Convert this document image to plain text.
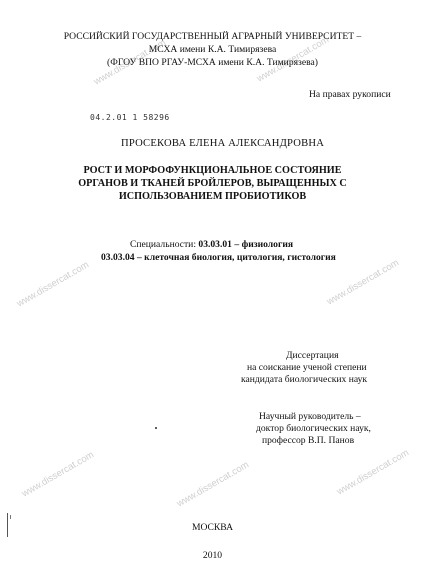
www.dissercat.com	www.dissercat.com
www.dissercat.com	www.dissercat.com
www.dissercat.com
www.dissercat.com	www.dissercat.com
РОССИЙСКИЙ ГОСУДАРСТВЕННЫЙ АГРАРНЫЙ УНИВЕРСИТЕТ –
МСХА имени К.А. Тимирязева
(ФГОУ ВПО РГАУ-МСХА имени К.А. Тимирязева)
На правах рукописи
04.2.01 1 58296
ПРОСЕКОВА ЕЛЕНА АЛЕКСАНДРОВНА
РОСТ И МОРФОФУНКЦИОНАЛЬНОЕ СОСТОЯНИЕ
ОРГАНОВ И ТКАНЕЙ БРОЙЛЕРОВ, ВЫРАЩЕННЫХ С
ИСПОЛЬЗОВАНИЕМ ПРОБИОТИКОВ
Специальности: 03.03.01 – физиология
03.03.04 – клеточная биология, цитология, гистология
Диссертация
на соискание ученой степени
кандидата биологических наук
Научный руководитель –
доктор биологических наук,
профессор В.П. Панов
МОСКВА
2010
